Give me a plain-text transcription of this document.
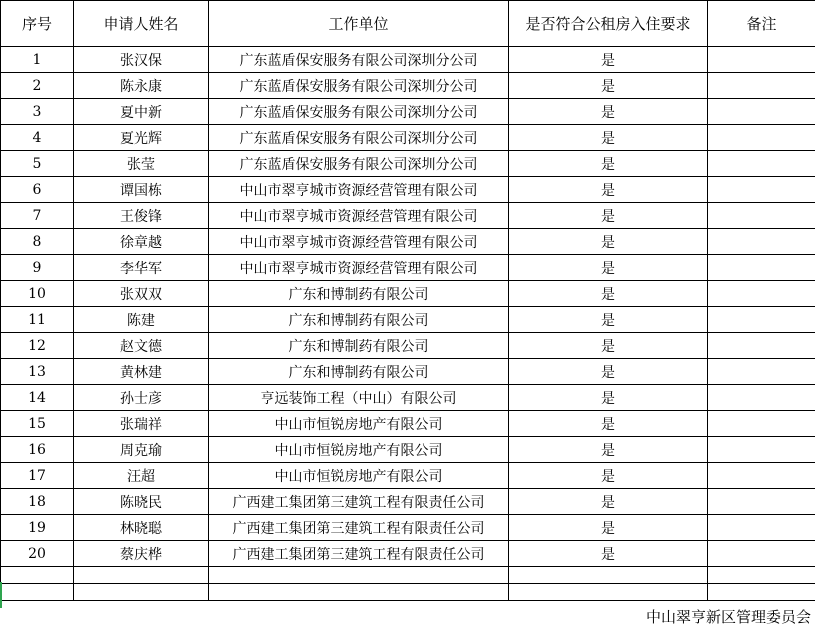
序号	申请人姓名	工作单位	是否符合公租房入住要求	备注
1	张汉保	广东蓝盾保安服务有限公司深圳分公司	是	
2	陈永康	广东蓝盾保安服务有限公司深圳分公司	是	
3	夏中新	广东蓝盾保安服务有限公司深圳分公司	是	
4	夏光辉	广东蓝盾保安服务有限公司深圳分公司	是	
5	张莹	广东蓝盾保安服务有限公司深圳分公司	是	
6	谭国栋	中山市翠亨城市资源经营管理有限公司	是	
7	王俊锋	中山市翠亨城市资源经营管理有限公司	是	
8	徐章越	中山市翠亨城市资源经营管理有限公司	是	
9	李华军	中山市翠亨城市资源经营管理有限公司	是	
10	张双双	广东和博制药有限公司	是	
11	陈建	广东和博制药有限公司	是	
12	赵文德	广东和博制药有限公司	是	
13	黄林建	广东和博制药有限公司	是	
14	孙士彦	亨远装饰工程（中山）有限公司	是	
15	张瑞祥	中山市恒锐房地产有限公司	是	
16	周克瑜	中山市恒锐房地产有限公司	是	
17	汪超	中山市恒锐房地产有限公司	是	
18	陈晓民	广西建工集团第三建筑工程有限责任公司	是	
19	林晓聪	广西建工集团第三建筑工程有限责任公司	是	
20	蔡庆桦	广西建工集团第三建筑工程有限责任公司	是	

中山翠亨新区管理委员会
